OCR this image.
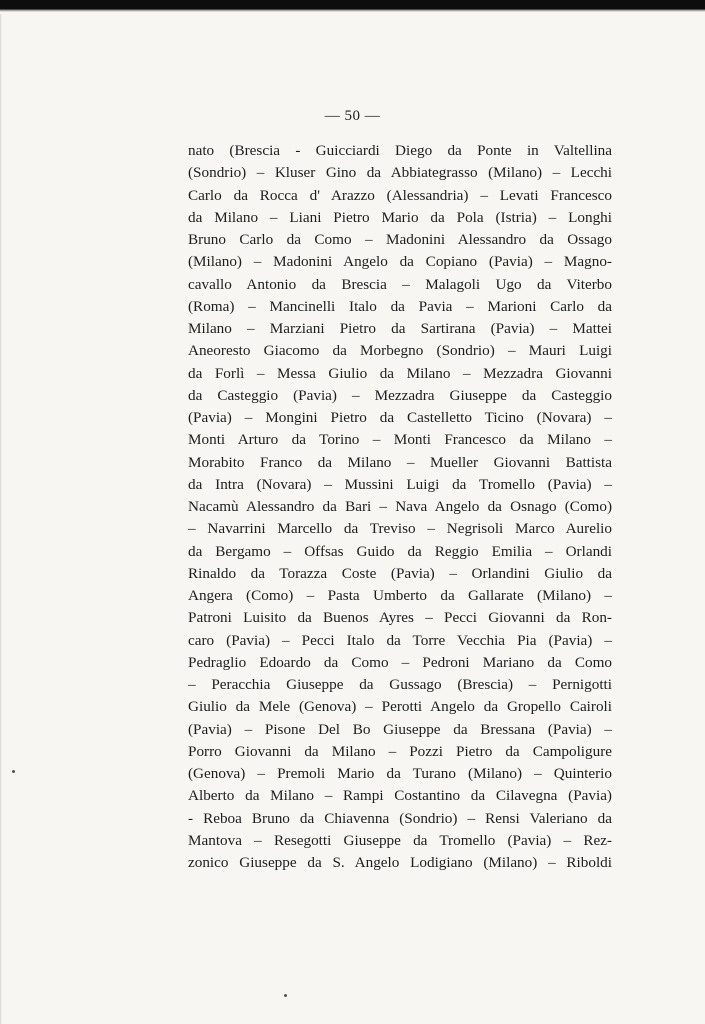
— 50 —
nato (Brescia - Guicciardi Diego da Ponte in Valtellina
(Sondrio) – Kluser Gino da Abbiategrasso (Milano) – Lecchi
Carlo da Rocca d' Arazzo (Alessandria) – Levati Francesco
da Milano – Liani Pietro Mario da Pola (Istria) – Longhi
Bruno Carlo da Como – Madonini Alessandro da Ossago
(Milano) – Madonini Angelo da Copiano (Pavia) – Magno-
cavallo Antonio da Brescia – Malagoli Ugo da Viterbo
(Roma) – Mancinelli Italo da Pavia – Marioni Carlo da
Milano – Marziani Pietro da Sartirana (Pavia) – Mattei
Aneoresto Giacomo da Morbegno (Sondrio) – Mauri Luigi
da Forlì – Messa Giulio da Milano – Mezzadra Giovanni
da Casteggio (Pavia) – Mezzadra Giuseppe da Casteggio
(Pavia) – Mongini Pietro da Castelletto Ticino (Novara) –
Monti Arturo da Torino – Monti Francesco da Milano –
Morabito Franco da Milano – Mueller Giovanni Battista
da Intra (Novara) – Mussini Luigi da Tromello (Pavia) –
Nacamù Alessandro da Bari – Nava Angelo da Osnago (Como)
– Navarrini Marcello da Treviso – Negrisoli Marco Aurelio
da Bergamo – Offsas Guido da Reggio Emilia – Orlandi
Rinaldo da Torazza Coste (Pavia) – Orlandini Giulio da
Angera (Como) – Pasta Umberto da Gallarate (Milano) –
Patroni Luisito da Buenos Ayres – Pecci Giovanni da Ron-
caro (Pavia) – Pecci Italo da Torre Vecchia Pia (Pavia) –
Pedraglio Edoardo da Como – Pedroni Mariano da Como
– Peracchia Giuseppe da Gussago (Brescia) – Pernigotti
Giulio da Mele (Genova) – Perotti Angelo da Gropello Cairoli
(Pavia) – Pisone Del Bo Giuseppe da Bressana (Pavia) –
Porro Giovanni da Milano – Pozzi Pietro da Campoligure
(Genova) – Premoli Mario da Turano (Milano) – Quinterio
Alberto da Milano – Rampi Costantino da Cilavegna (Pavia)
- Reboa Bruno da Chiavenna (Sondrio) – Rensi Valeriano da
Mantova – Resegotti Giuseppe da Tromello (Pavia) – Rez-
zonico Giuseppe da S. Angelo Lodigiano (Milano) – Riboldi
